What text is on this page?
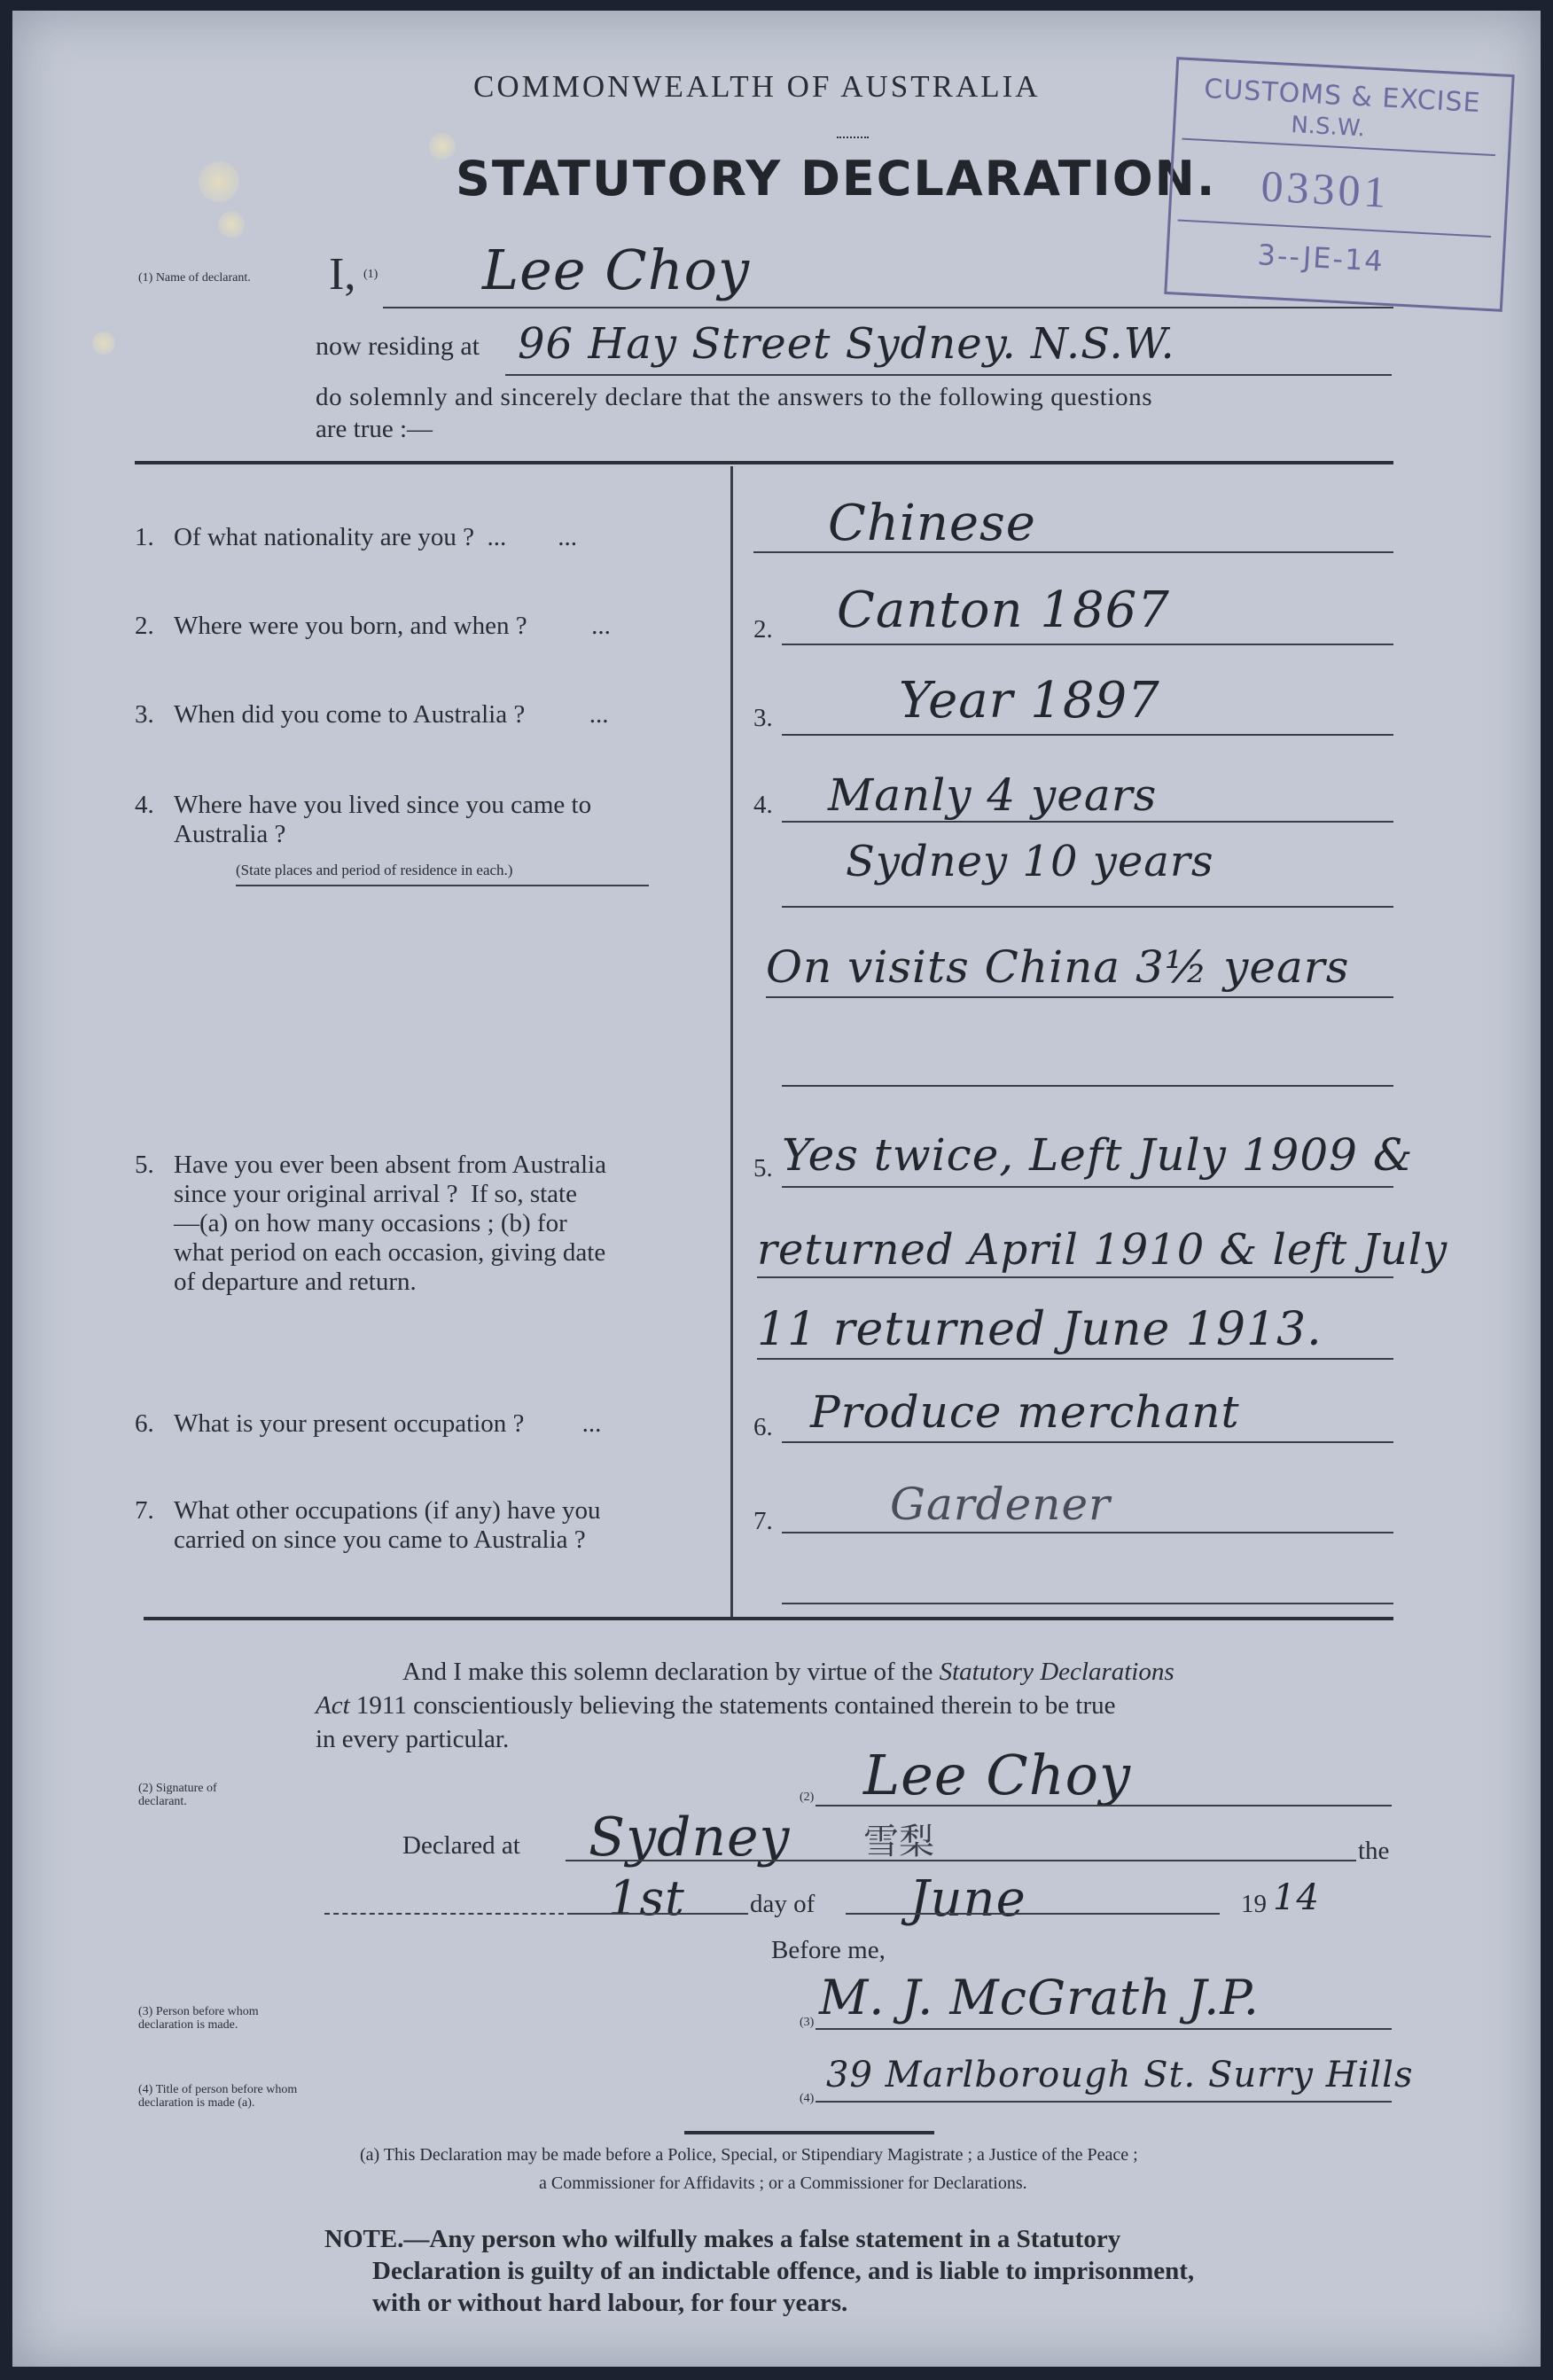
COMMONWEALTH OF AUSTRALIA
STATUTORY DECLARATION.
CUSTOMS & EXCISE
N.S.W.
03301
3--JE-14
(1) Name of declarant. I, (1) Lee Choy
now residing at 96 Hay Street Sydney. N.S.W.
do solemnly and sincerely declare that the answers to the following questions
are true :—
1. Of what nationality are you ?  ...        ...	Chinese
2. Where were you born, and when ?          ...	2. Canton 1867
3. When did you come to Australia ?          ...	3.	Year 1897
4. Where have you lived since you came to
Australia ?
(State places and period of residence in each.)
4. Manly 4 years
Sydney 10 years
On visits China 3½ years
5. Have you ever been absent from Australia
since your original arrival ?  If so, state
—(a) on how many occasions ; (b) for
what period on each occasion, giving date
of departure and return.
5. Yes twice, Left July 1909 &
returned April 1910 & left July
11 returned June 1913.
6. What is your present occupation ?         ...	6. Produce merchant
7. What other occupations (if any) have you
carried on since you came to Australia ?
7.	Gardener
And I make this solemn declaration by virtue of the Statutory Declarations
Act 1911 conscientiously believing the statements contained therein to be true
in every particular.
(2) Signature of declarant.	(2) Lee Choy
Declared at Sydney 雪梨	the
1st	day of June	19 14
Before me,
(3) Person before whom declaration is made.	(3) M. J. McGrath J.P.
(4) Title of person before whom declaration is made (a).	(4)
39 Marlborough St. Surry Hills
(a) This Declaration may be made before a Police, Special, or Stipendiary Magistrate ; a Justice of the Peace ;
a Commissioner for Affidavits ; or a Commissioner for Declarations.
NOTE.—Any person who wilfully makes a false statement in a Statutory
Declaration is guilty of an indictable offence, and is liable to imprisonment,
with or without hard labour, for four years.
